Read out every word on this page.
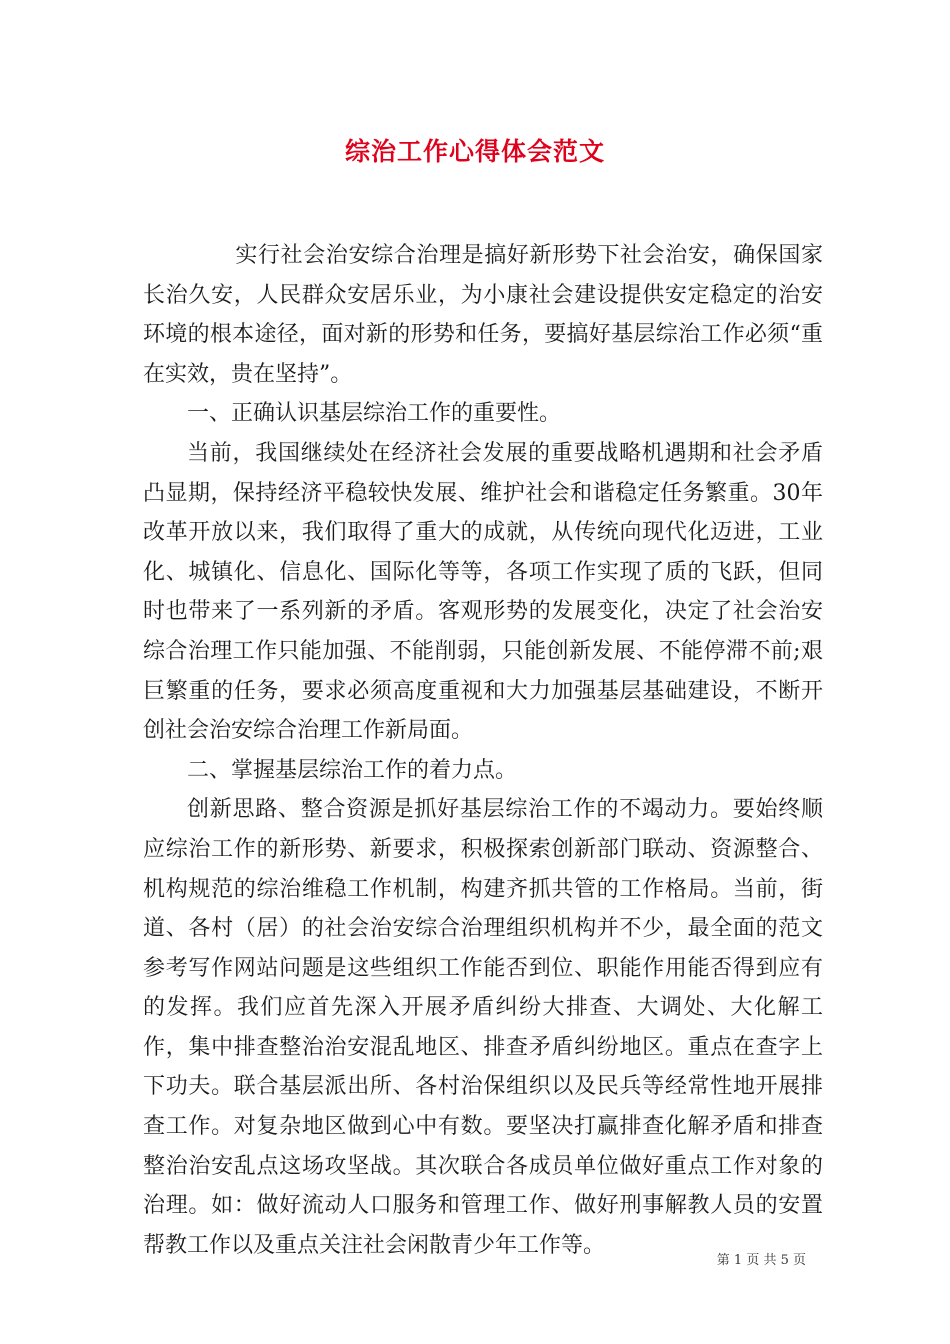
综治工作心得体会范文

实行社会治安综合治理是搞好新形势下社会治安，确保国家长治久安，人民群众安居乐业，为小康社会建设提供安定稳定的治安环境的根本途径，面对新的形势和任务，要搞好基层综治工作必须“重在实效，贵在坚持”。

一、正确认识基层综治工作的重要性。

当前，我国继续处在经济社会发展的重要战略机遇期和社会矛盾凸显期，保持经济平稳较快发展、维护社会和谐稳定任务繁重。30年改革开放以来，我们取得了重大的成就，从传统向现代化迈进，工业化、城镇化、信息化、国际化等等，各项工作实现了质的飞跃，但同时也带来了一系列新的矛盾。客观形势的发展变化，决定了社会治安综合治理工作只能加强、不能削弱，只能创新发展、不能停滞不前;艰巨繁重的任务，要求必须高度重视和大力加强基层基础建设，不断开创社会治安综合治理工作新局面。

二、掌握基层综治工作的着力点。

创新思路、整合资源是抓好基层综治工作的不竭动力。要始终顺应综治工作的新形势、新要求，积极探索创新部门联动、资源整合、机构规范的综治维稳工作机制，构建齐抓共管的工作格局。当前，街道、各村（居）的社会治安综合治理组织机构并不少，最全面的范文参考写作网站问题是这些组织工作能否到位、职能作用能否得到应有的发挥。我们应首先深入开展矛盾纠纷大排查、大调处、大化解工作，集中排查整治治安混乱地区、排查矛盾纠纷地区。重点在查字上下功夫。联合基层派出所、各村治保组织以及民兵等经常性地开展排查工作。对复杂地区做到心中有数。要坚决打赢排查化解矛盾和排查整治治安乱点这场攻坚战。其次联合各成员单位做好重点工作对象的治理。如：做好流动人口服务和管理工作、做好刑事解教人员的安置帮教工作以及重点关注社会闲散青少年工作等。

第 1 页 共 5 页
